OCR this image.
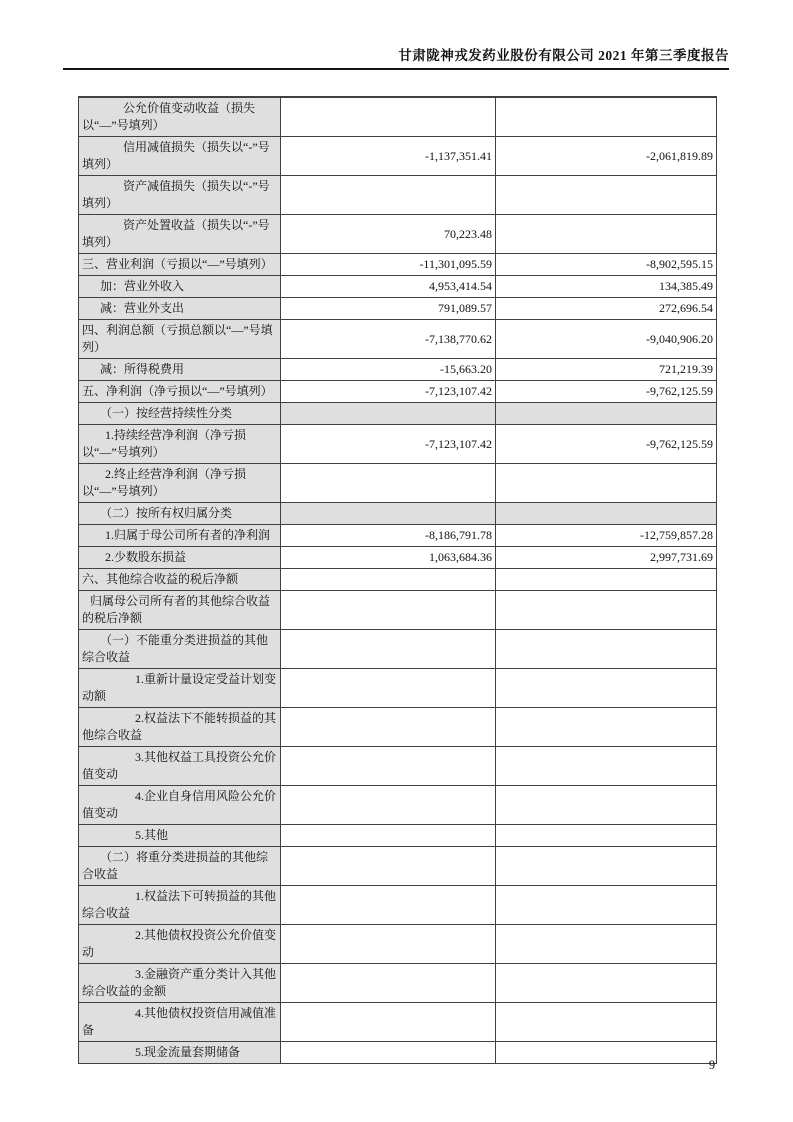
甘肃陇神戎发药业股份有限公司 2021 年第三季度报告
公允价值变动收益（损失以“—”号填列）		
信用减值损失（损失以“-”号填列）	-1,137,351.41	-2,061,819.89
资产减值损失（损失以“-”号填列）		
资产处置收益（损失以“-”号填列）	70,223.48	
三、营业利润（亏损以“—”号填列）	-11,301,095.59	-8,902,595.15
加：营业外收入	4,953,414.54	134,385.49
减：营业外支出	791,089.57	272,696.54
四、利润总额（亏损总额以“—”号填列）	-7,138,770.62	-9,040,906.20
减：所得税费用	-15,663.20	721,219.39
五、净利润（净亏损以“—”号填列）	-7,123,107.42	-9,762,125.59
（一）按经营持续性分类		
1.持续经营净利润（净亏损以“—”号填列）	-7,123,107.42	-9,762,125.59
2.终止经营净利润（净亏损以“—”号填列）		
（二）按所有权归属分类		
1.归属于母公司所有者的净利润	-8,186,791.78	-12,759,857.28
2.少数股东损益	1,063,684.36	2,997,731.69
六、其他综合收益的税后净额		
归属母公司所有者的其他综合收益的税后净额		
（一）不能重分类进损益的其他综合收益		
1.重新计量设定受益计划变动额		
2.权益法下不能转损益的其他综合收益		
3.其他权益工具投资公允价值变动		
4.企业自身信用风险公允价值变动		
5.其他		
（二）将重分类进损益的其他综合收益		
1.权益法下可转损益的其他综合收益		
2.其他债权投资公允价值变动		
3.金融资产重分类计入其他综合收益的金额		
4.其他债权投资信用减值准备		
5.现金流量套期储备		
9
